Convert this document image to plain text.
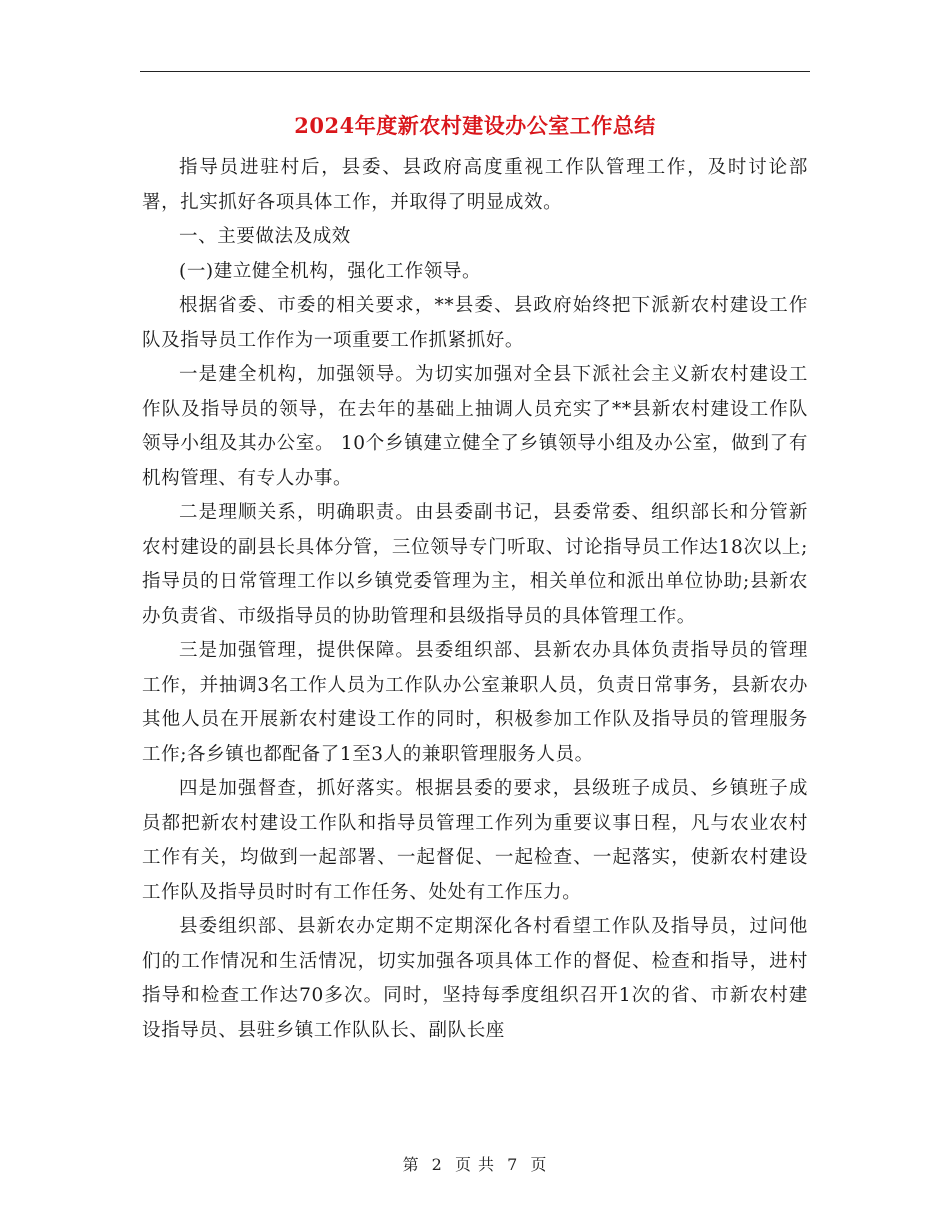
2024年度新农村建设办公室工作总结

指导员进驻村后，县委、县政府高度重视工作队管理工作，及时讨论部署，扎实抓好各项具体工作，并取得了明显成效。

一、主要做法及成效

(一)建立健全机构，强化工作领导。

根据省委、市委的相关要求，**县委、县政府始终把下派新农村建设工作队及指导员工作作为一项重要工作抓紧抓好。

一是建全机构，加强领导。为切实加强对全县下派社会主义新农村建设工作队及指导员的领导，在去年的基础上抽调人员充实了**县新农村建设工作队领导小组及其办公室。 10个乡镇建立健全了乡镇领导小组及办公室，做到了有机构管理、有专人办事。

二是理顺关系，明确职责。由县委副书记，县委常委、组织部长和分管新农村建设的副县长具体分管，三位领导专门听取、讨论指导员工作达18次以上;指导员的日常管理工作以乡镇党委管理为主，相关单位和派出单位协助;县新农办负责省、市级指导员的协助管理和县级指导员的具体管理工作。

三是加强管理，提供保障。县委组织部、县新农办具体负责指导员的管理工作，并抽调3名工作人员为工作队办公室兼职人员，负责日常事务，县新农办其他人员在开展新农村建设工作的同时，积极参加工作队及指导员的管理服务工作;各乡镇也都配备了1至3人的兼职管理服务人员。

四是加强督查，抓好落实。根据县委的要求，县级班子成员、乡镇班子成员都把新农村建设工作队和指导员管理工作列为重要议事日程，凡与农业农村工作有关，均做到一起部署、一起督促、一起检查、一起落实，使新农村建设工作队及指导员时时有工作任务、处处有工作压力。

县委组织部、县新农办定期不定期深化各村看望工作队及指导员，过问他们的工作情况和生活情况，切实加强各项具体工作的督促、检查和指导，进村指导和检查工作达70多次。同时，坚持每季度组织召开1次的省、市新农村建设指导员、县驻乡镇工作队队长、副队长座

第 2 页 共 7 页
